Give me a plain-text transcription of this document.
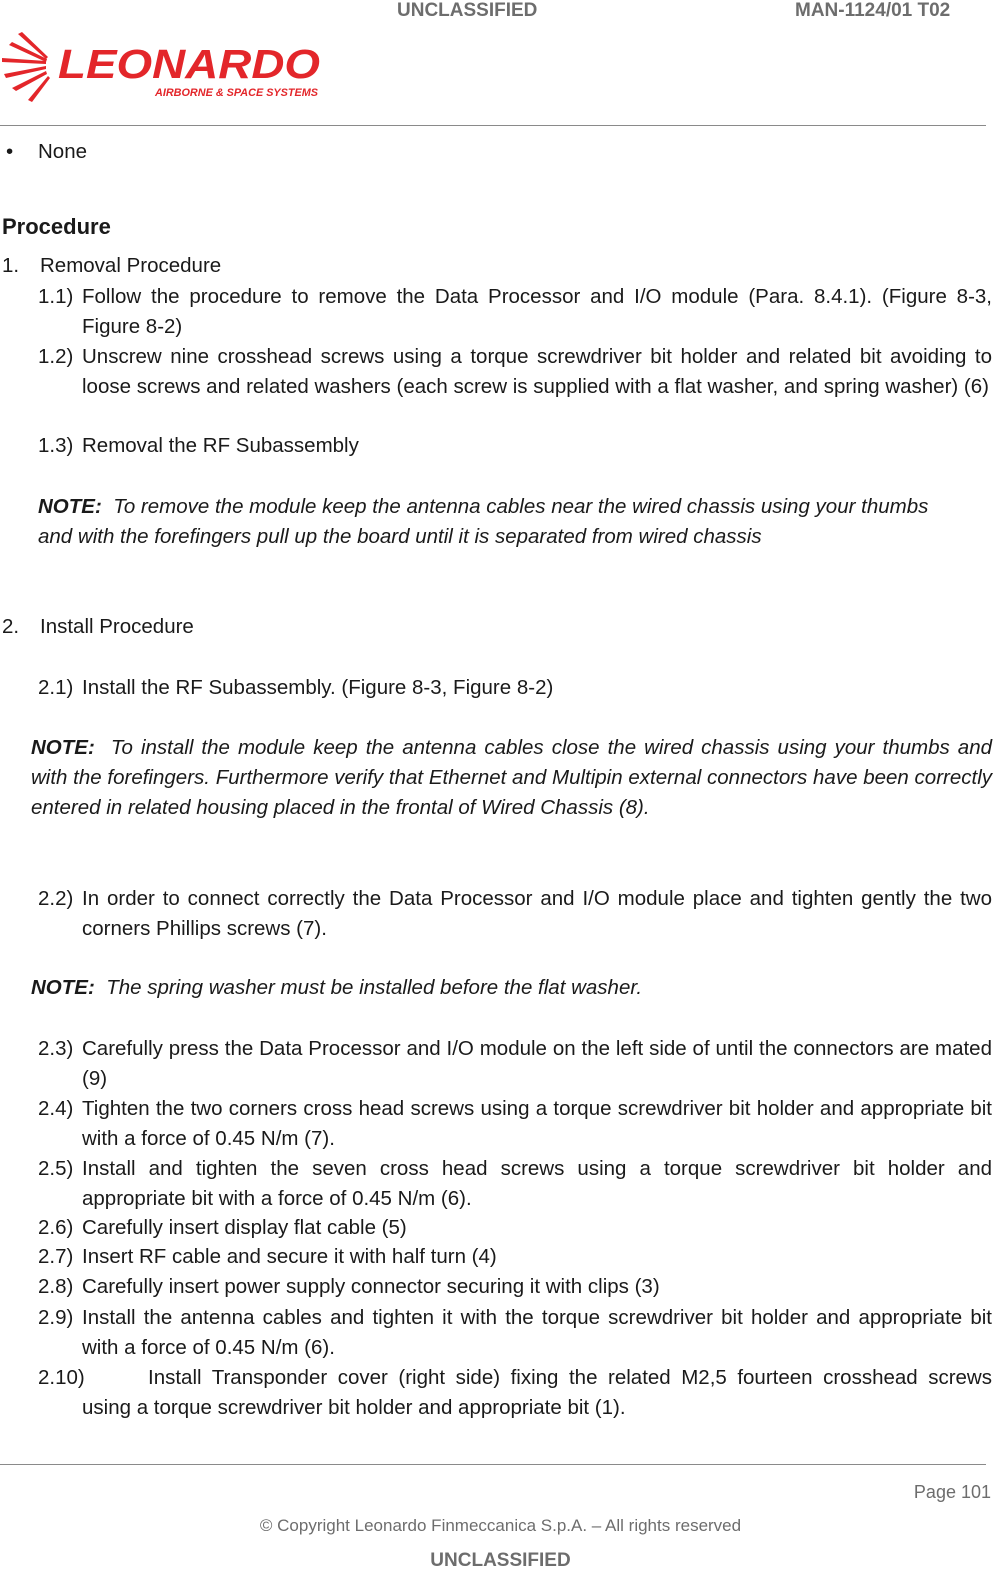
UNCLASSIFIED	MAN-1124/01 T02
LEONARDO
AIRBORNE & SPACE SYSTEMS
• None
Procedure
1. Removal Procedure
1.1) Follow the procedure to remove the Data Processor and I/O module (Para. 8.4.1). (Figure 8-3, Figure 8-2)
1.2) Unscrew nine crosshead screws using a torque screwdriver bit holder and related bit avoiding to loose screws and related washers (each screw is supplied with a flat washer, and spring washer) (6)
1.3) Removal the RF Subassembly
NOTE: To remove the module keep the antenna cables near the wired chassis using your thumbs and with the forefingers pull up the board until it is separated from wired chassis
2. Install Procedure
2.1) Install the RF Subassembly. (Figure 8-3, Figure 8-2)
NOTE: To install the module keep the antenna cables close the wired chassis using your thumbs and with the forefingers. Furthermore verify that Ethernet and Multipin external connectors have been correctly entered in related housing placed in the frontal of Wired Chassis (8).
2.2) In order to connect correctly the Data Processor and I/O module place and tighten gently the two corners Phillips screws (7).
NOTE: The spring washer must be installed before the flat washer.
2.3) Carefully press the Data Processor and I/O module on the left side of until the connectors are mated (9)
2.4) Tighten the two corners cross head screws using a torque screwdriver bit holder and appropriate bit with a force of 0.45 N/m (7).
2.5) Install and tighten the seven cross head screws using a torque screwdriver bit holder and appropriate bit with a force of 0.45 N/m (6).
2.6) Carefully insert display flat cable (5)
2.7) Insert RF cable and secure it with half turn (4)
2.8) Carefully insert power supply connector securing it with clips (3)
2.9) Install the antenna cables and tighten it with the torque screwdriver bit holder and appropriate bit with a force of 0.45 N/m (6).
2.10)	Install Transponder cover (right side) fixing the related M2,5 fourteen crosshead screws
using a torque screwdriver bit holder and appropriate bit (1).
Page 101
© Copyright Leonardo Finmeccanica S.p.A. – All rights reserved
UNCLASSIFIED
